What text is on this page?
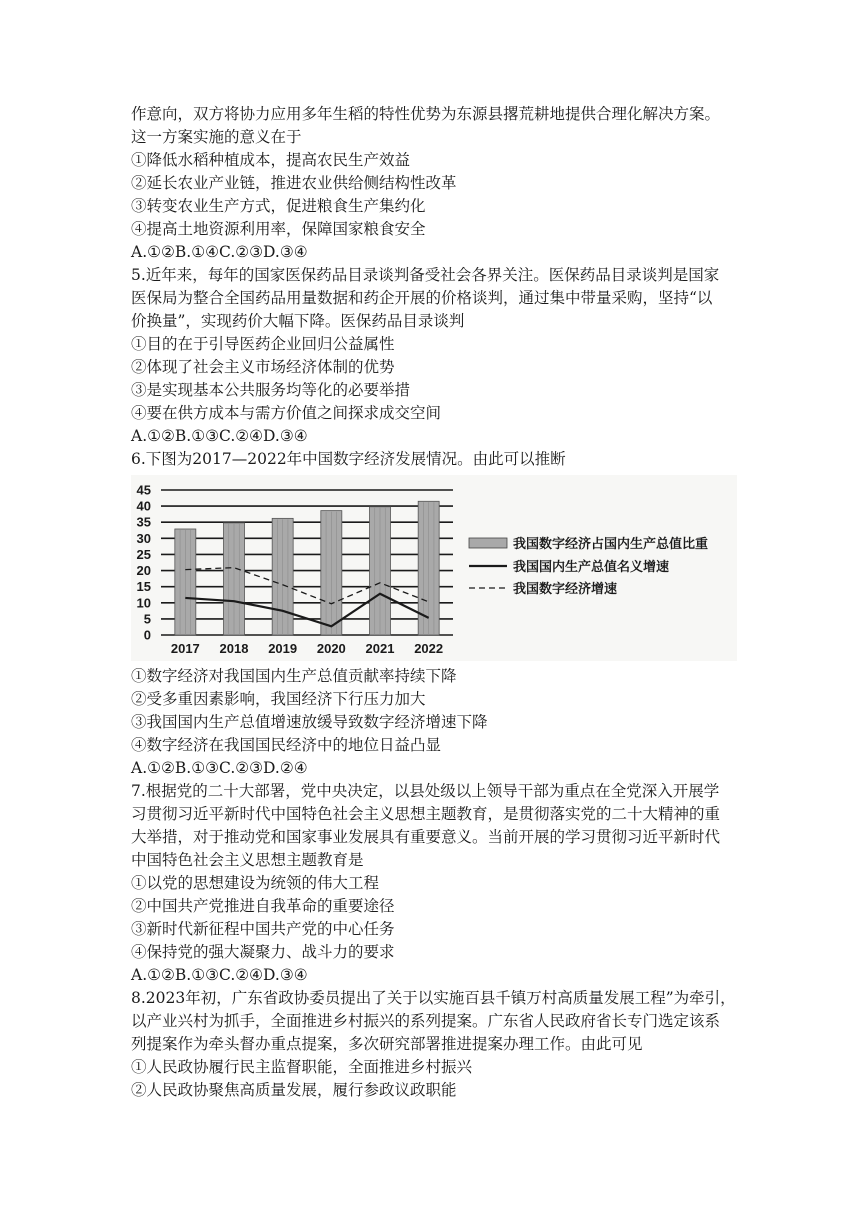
作意向，双方将协力应用多年生稻的特性优势为东源县撂荒耕地提供合理化解决方案。
这一方案实施的意义在于
①降低水稻种植成本，提高农民生产效益
②延长农业产业链，推进农业供给侧结构性改革
③转变农业生产方式，促进粮食生产集约化
④提高土地资源利用率，保障国家粮食安全
A.①②B.①④C.②③D.③④
5.近年来，每年的国家医保药品目录谈判备受社会各界关注。医保药品目录谈判是国家
医保局为整合全国药品用量数据和药企开展的价格谈判，通过集中带量采购，坚持“以
价换量”，实现药价大幅下降。医保药品目录谈判
①目的在于引导医药企业回归公益属性
②体现了社会主义市场经济体制的优势
③是实现基本公共服务均等化的必要举措
④要在供方成本与需方价值之间探求成交空间
A.①②B.①③C.②④D.③④
6.下图为2017—2022年中国数字经济发展情况。由此可以推断
0
5
10
15
20
25
30
35
40
45
2017 2018 2019 2020 2021 2022
我国数字经济占国内生产总值比重
我国国内生产总值名义增速
我国数字经济增速
①数字经济对我国国内生产总值贡献率持续下降
②受多重因素影响，我国经济下行压力加大
③我国国内生产总值增速放缓导致数字经济增速下降
④数字经济在我国国民经济中的地位日益凸显
A.①②B.①③C.②③D.②④
7.根据党的二十大部署，党中央决定，以县处级以上领导干部为重点在全党深入开展学
习贯彻习近平新时代中国特色社会主义思想主题教育，是贯彻落实党的二十大精神的重
大举措，对于推动党和国家事业发展具有重要意义。当前开展的学习贯彻习近平新时代
中国特色社会主义思想主题教育是
①以党的思想建设为统领的伟大工程
②中国共产党推进自我革命的重要途径
③新时代新征程中国共产党的中心任务
④保持党的强大凝聚力、战斗力的要求
A.①②B.①③C.②④D.③④
8.2023年初，广东省政协委员提出了关于以实施百县千镇万村高质量发展工程”为牵引，
以产业兴村为抓手，全面推进乡村振兴的系列提案。广东省人民政府省长专门选定该系
列提案作为牵头督办重点提案，多次研究部署推进提案办理工作。由此可见
①人民政协履行民主监督职能，全面推进乡村振兴
②人民政协聚焦高质量发展，履行参政议政职能
